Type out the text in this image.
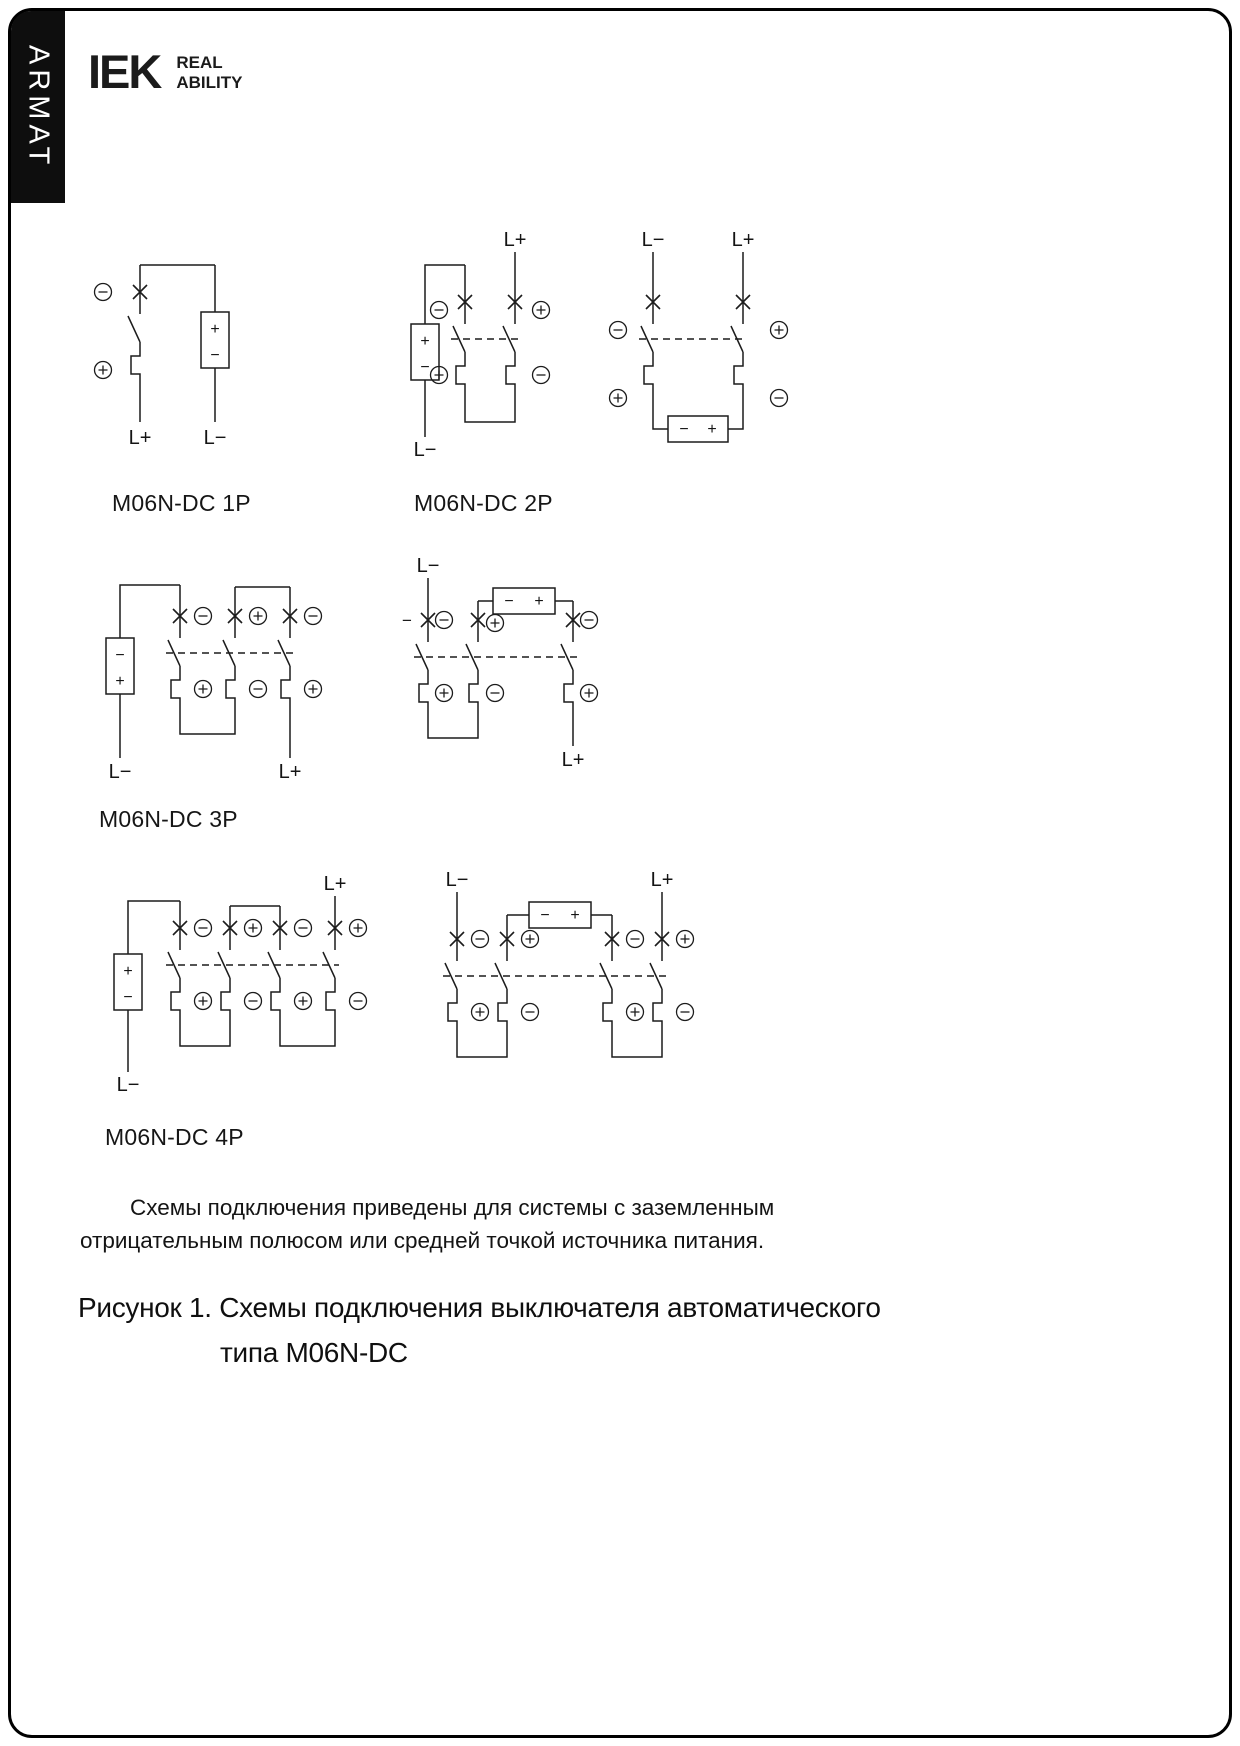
ARMAT IEK REAL
ABILITY
+
−
L+	L−
L+
+
−
L−
L−	L+
− +
−
+
L−	L+
L−
−
− +
L+
L+
+
−
L−
L−	L+
− +
M06N-DC 1P	M06N-DC 2P
M06N-DC 3P
M06N-DC 4P
Схемы подключения приведены для системы с заземленным
отрицательным полюсом или средней точкой источника питания.
Рисунок 1. Схемы подключения выключателя автоматического
типа M06N-DC
